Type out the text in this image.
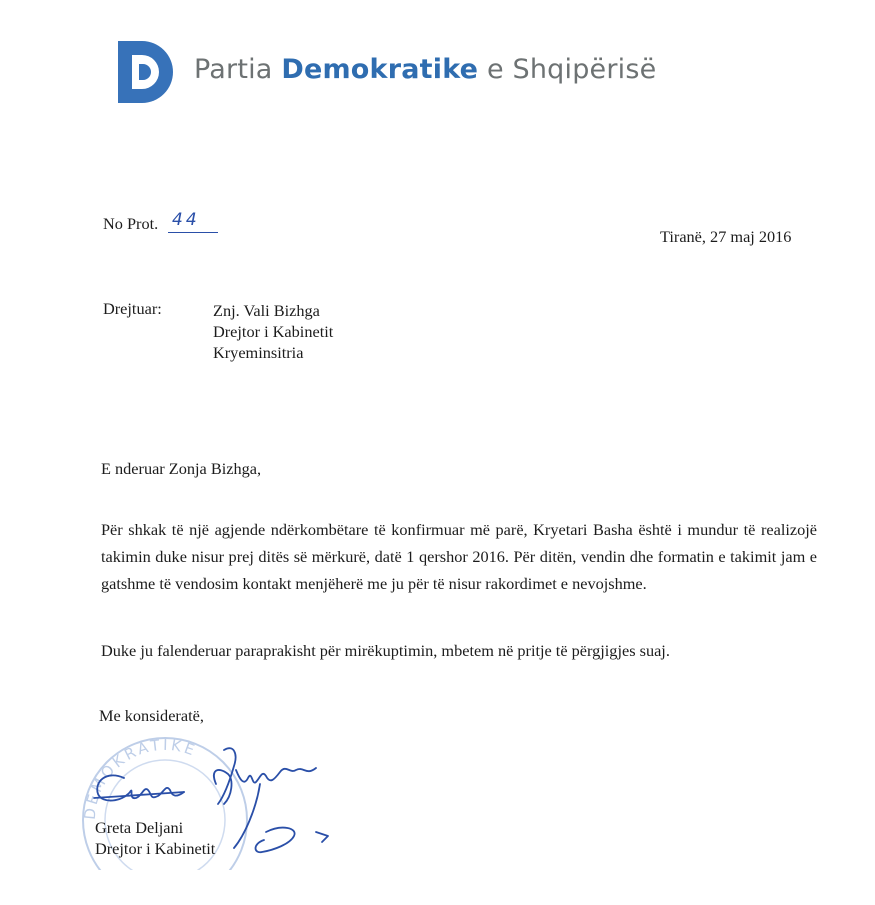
Partia Demokratike e Shqipërisë
No Prot. 44
Tiranë, 27 maj 2016
Drejtuar:	Znj. Vali Bizhga
Drejtor i Kabinetit
Kryeminsitria
E nderuar Zonja Bizhga,
Për shkak të një agjende ndërkombëtare të konfirmuar më parë, Kryetari Basha është i mundur të realizojë takimin duke nisur prej ditës së mërkurë, datë 1 qershor 2016. Për ditën, vendin dhe formatin e takimit jam e gatshme të vendosim kontakt menjëherë me ju për të nisur rakordimet e nevojshme.
Duke ju falenderuar paraprakisht për mirëkuptimin, mbetem në pritje të përgjigjes suaj.
Me konsideratë,
DEMOKRATIKE
Greta Deljani
Drejtor i Kabinetit
